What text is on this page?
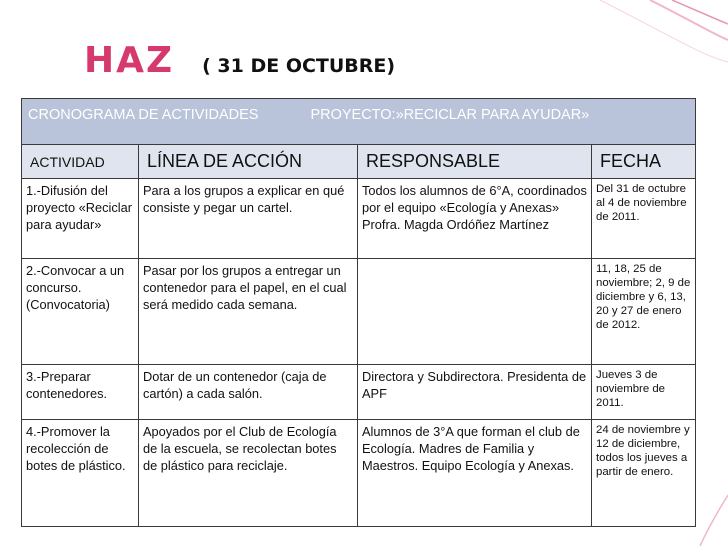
HAZ ( 31 DE OCTUBRE)
CRONOGRAMA DE ACTIVIDADES PROYECTO:»RECICLAR PARA AYUDAR»			
ACTIVIDAD	LÍNEA DE ACCIÓN	RESPONSABLE	FECHA
1.-Difusión del proyecto «Reciclar para ayudar»	Para a los grupos a explicar en qué consiste y pegar un cartel.	Todos los alumnos de 6°A, coordinados por el equipo «Ecología y Anexas» Profra. Magda Ordóñez Martínez	Del 31 de octubre al 4 de noviembre de 2011.
2.-Convocar a un concurso. (Convocatoria)	Pasar por los grupos a entregar un contenedor para el papel, en el cual será medido cada semana.		11, 18, 25 de noviembre; 2, 9 de diciembre y 6, 13, 20 y 27 de enero de 2012.
3.-Preparar contenedores.	Dotar de un contenedor (caja de cartón) a cada salón.	Directora y Subdirectora. Presidenta de APF	Jueves 3 de noviembre de 2011.
4.-Promover la recolección de botes de plástico.	Apoyados por el Club de Ecología de la escuela, se recolectan botes de plástico para reciclaje.	Alumnos de 3°A que forman el club de Ecología. Madres de Familia y Maestros. Equipo Ecología y Anexas.	24 de noviembre y 12 de diciembre, todos los jueves a partir de enero.
